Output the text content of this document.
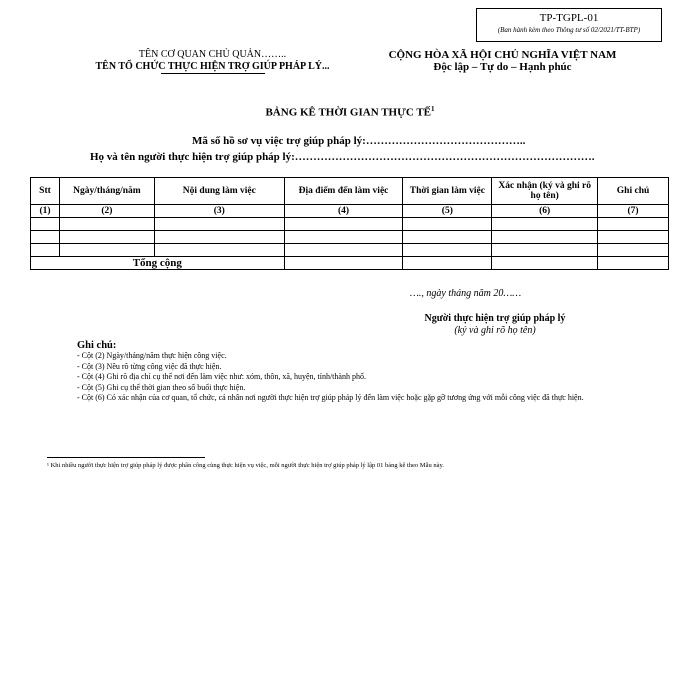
TP-TGPL-01
(Ban hành kèm theo Thông tư số 02/2021/TT-BTP)
TÊN CƠ QUAN CHỦ QUẢN……..
TÊN TỔ CHỨC THỰC HIỆN TRỢ GIÚP PHÁP LÝ...
CỘNG HÒA XÃ HỘI CHỦ NGHĨA VIỆT NAM
Độc lập – Tự do – Hạnh phúc
BẢNG KÊ THỜI GIAN THỰC TẾ$^1$
Mã số hồ sơ vụ việc trợ giúp pháp lý:……………………………………..
Họ và tên người thực hiện trợ giúp pháp lý:……………………………………………………………………….
Stt	Ngày/tháng/năm	Nội dung làm việc	Địa điểm đến làm việc	Thời gian làm việc	Xác nhận (ký và ghi rõ họ tên)	Ghi chú
(1)	(2)	(3)	(4)	(5)	(6)	(7)

Tổng cộng						
…., ngày tháng năm 20……
Người thực hiện trợ giúp pháp lý
(ký và ghi rõ họ tên)
Ghi chú:
- Cột (2) Ngày/tháng/năm thực hiện công việc.
- Cột (3) Nêu rõ từng công việc đã thực hiện.
- Cột (4) Ghi rõ địa chỉ cụ thể nơi đến làm việc như: xóm, thôn, xã, huyện, tỉnh/thành phố.
- Cột (5) Ghi cụ thể thời gian theo số buổi thực hiện.
- Cột (6) Có xác nhận của cơ quan, tổ chức, cá nhân nơi người thực hiện trợ giúp pháp lý đến làm việc hoặc gặp gỡ tương ứng với mỗi công việc đã thực hiện.
¹ Khi nhiều người thực hiện trợ giúp pháp lý được phân công cùng thực hiện vụ việc, mỗi người thực hiện trợ giúp pháp lý lập 01 bảng kê theo Mẫu này.
